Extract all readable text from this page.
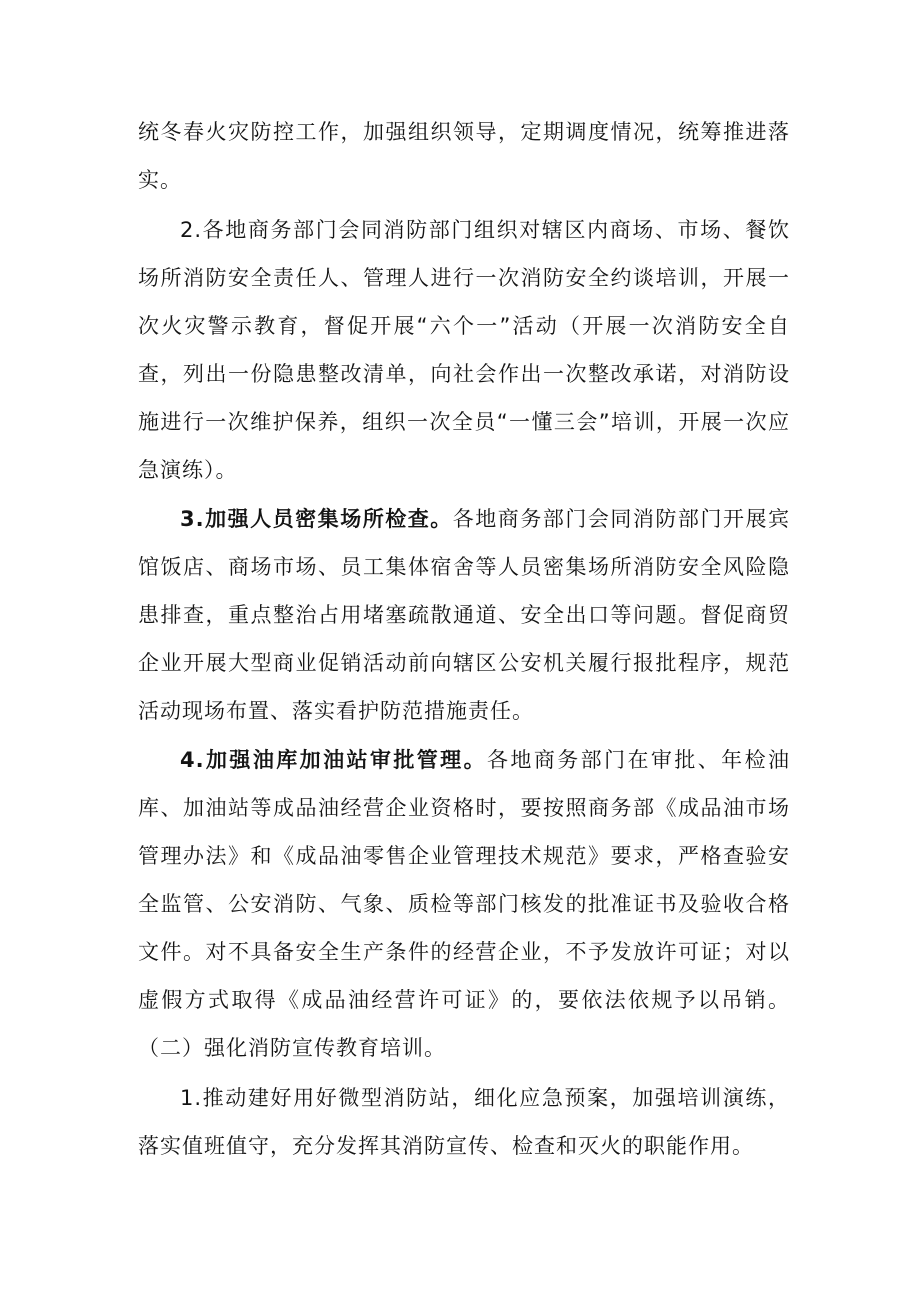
统冬春火灾防控工作，加强组织领导，定期调度情况，统筹推进落实。

2.各地商务部门会同消防部门组织对辖区内商场、市场、餐饮场所消防安全责任人、管理人进行一次消防安全约谈培训，开展一次火灾警示教育，督促开展“六个一”活动（开展一次消防安全自查，列出一份隐患整改清单，向社会作出一次整改承诺，对消防设施进行一次维护保养，组织一次全员“一懂三会”培训，开展一次应急演练）。

3.加强人员密集场所检查。各地商务部门会同消防部门开展宾馆饭店、商场市场、员工集体宿舍等人员密集场所消防安全风险隐患排查，重点整治占用堵塞疏散通道、安全出口等问题。督促商贸企业开展大型商业促销活动前向辖区公安机关履行报批程序，规范活动现场布置、落实看护防范措施责任。

4.加强油库加油站审批管理。各地商务部门在审批、年检油库、加油站等成品油经营企业资格时，要按照商务部《成品油市场管理办法》和《成品油零售企业管理技术规范》要求，严格查验安全监管、公安消防、气象、质检等部门核发的批准证书及验收合格文件。对不具备安全生产条件的经营企业，不予发放许可证；对以虚假方式取得《成品油经营许可证》的，要依法依规予以吊销。（二）强化消防宣传教育培训。

1.推动建好用好微型消防站，细化应急预案，加强培训演练，落实值班值守，充分发挥其消防宣传、检查和灭火的职能作用。
